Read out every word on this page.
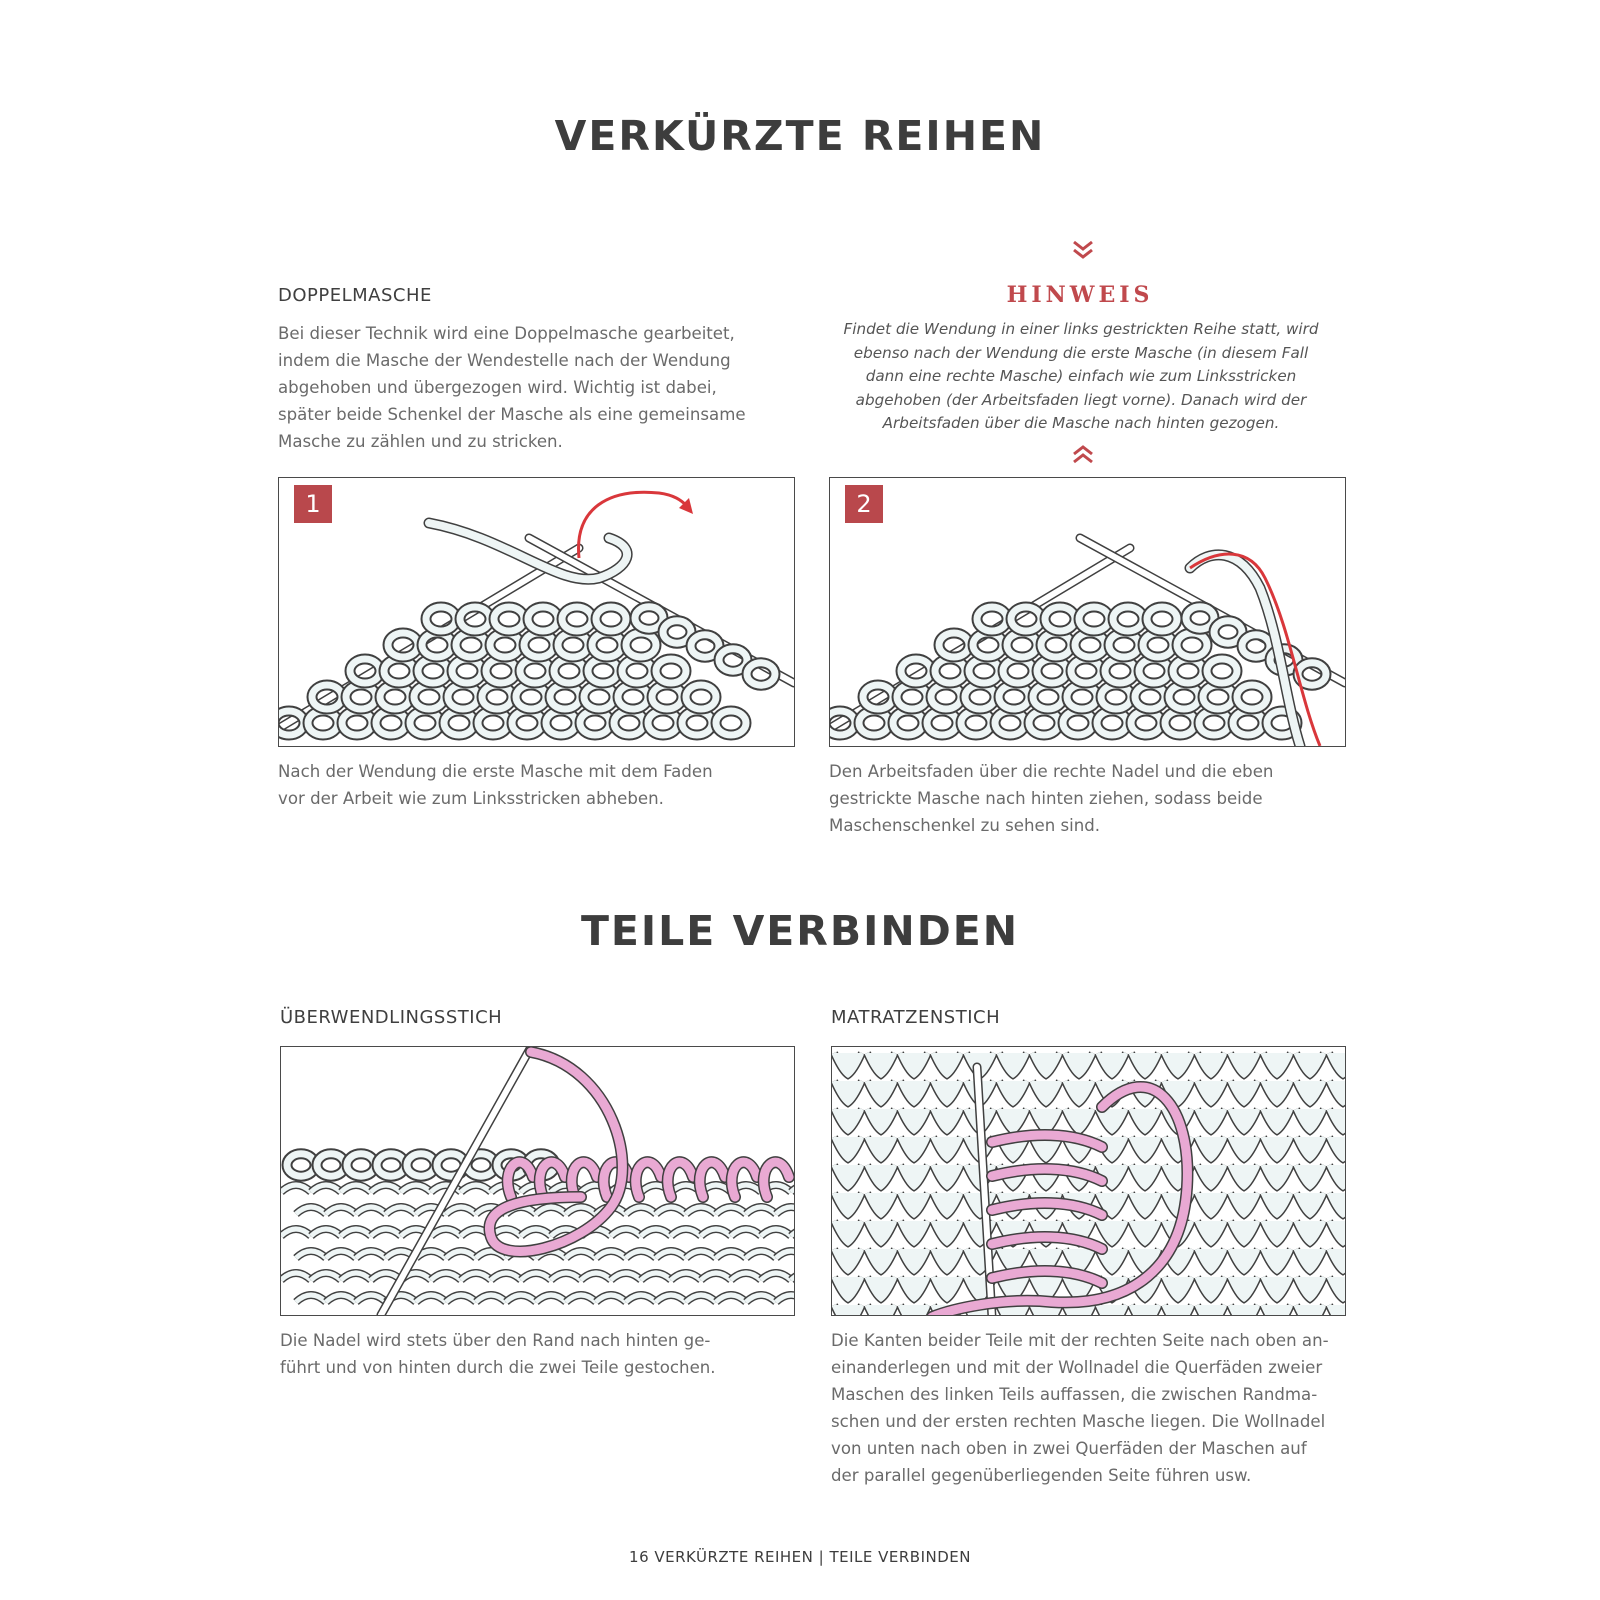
VERKÜRZTE REIHEN
DOPPELMASCHE
Bei dieser Technik wird eine Doppelmasche gearbeitet,
indem die Masche der Wendestelle nach der Wendung
abgehoben und übergezogen wird. Wichtig ist dabei,
später beide Schenkel der Masche als eine gemeinsame
Masche zu zählen und zu stricken.
HINWEIS
Findet die Wendung in einer links gestrickten Reihe statt, wird
ebenso nach der Wendung die erste Masche (in diesem Fall
dann eine rechte Masche) einfach wie zum Linksstricken
abgehoben (der Arbeitsfaden liegt vorne). Danach wird der
Arbeitsfaden über die Masche nach hinten gezogen.
1	2
Nach der Wendung die erste Masche mit dem Faden
vor der Arbeit wie zum Linksstricken abheben.
Den Arbeitsfaden über die rechte Nadel und die eben
gestrickte Masche nach hinten ziehen, sodass beide
Maschenschenkel zu sehen sind.
TEILE VERBINDEN
ÜBERWENDLINGSSTICH	MATRATZENSTICH
Die Nadel wird stets über den Rand nach hinten ge-
führt und von hinten durch die zwei Teile gestochen.
Die Kanten beider Teile mit der rechten Seite nach oben an-
einanderlegen und mit der Wollnadel die Querfäden zweier
Maschen des linken Teils auffassen, die zwischen Randma-
schen und der ersten rechten Masche liegen. Die Wollnadel
von unten nach oben in zwei Querfäden der Maschen auf
der parallel gegenüberliegenden Seite führen usw.
16 VERKÜRZTE REIHEN | TEILE VERBINDEN
